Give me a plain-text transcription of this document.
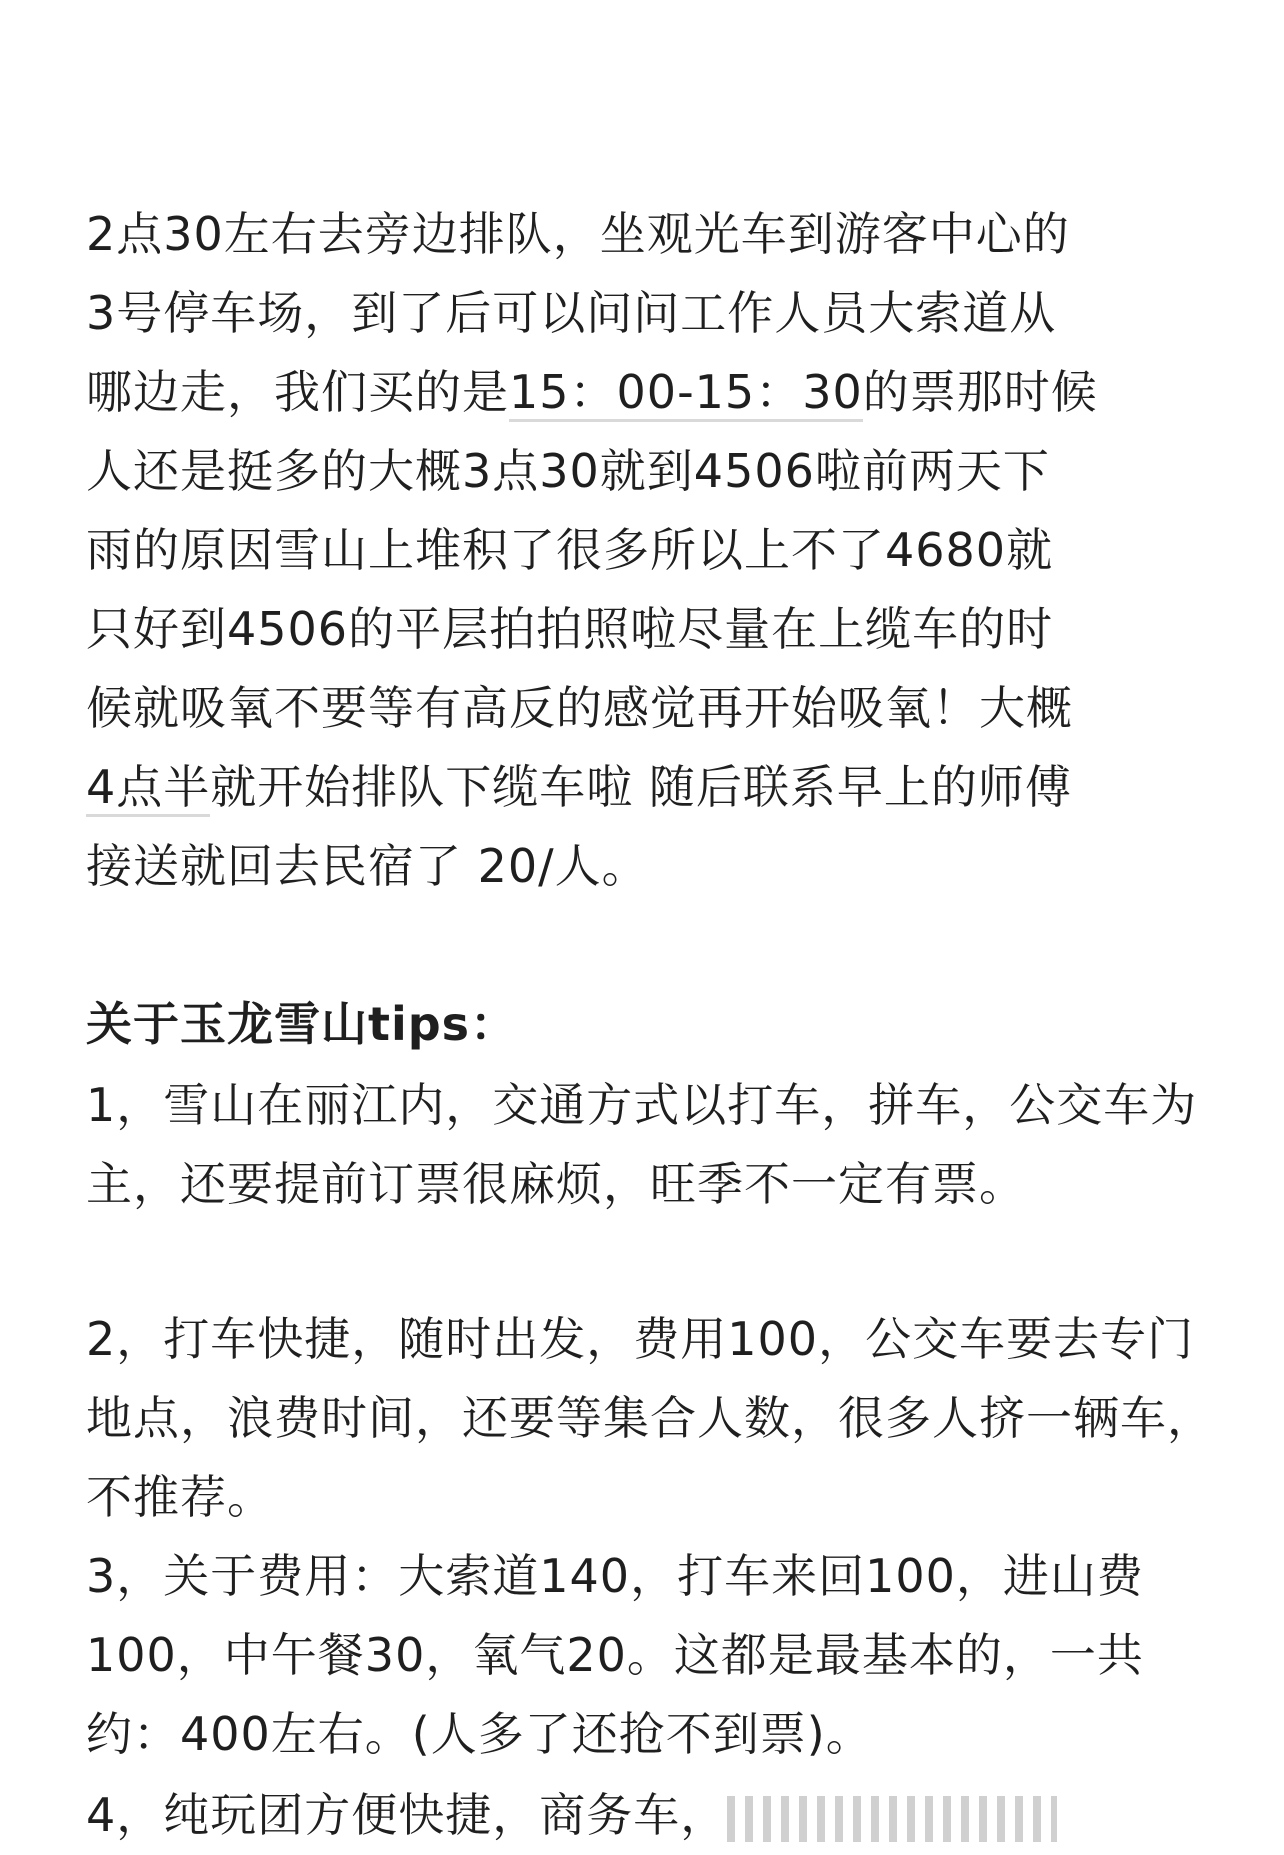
2点30左右去旁边排队，坐观光车到游客中心的
3号停车场，到了后可以问问工作人员大索道从
哪边走，我们买的是15：00-15：30的票那时候
人还是挺多的大概3点30就到4506啦前两天下
雨的原因雪山上堆积了很多所以上不了4680就
只好到4506的平层拍拍照啦尽量在上缆车的时
候就吸氧不要等有高反的感觉再开始吸氧！大概
4点半就开始排队下缆车啦 随后联系早上的师傅
接送就回去民宿了 20/人。
关于玉龙雪山tips：
1，雪山在丽江内，交通方式以打车，拼车，公交车为主，还要提前订票很麻烦，旺季不一定有票。
2，打车快捷，随时出发，费用100，公交车要去专门地点，浪费时间，还要等集合人数，很多人挤一辆车，不推荐。
3，关于费用：大索道140，打车来回100，进山费100，中午餐30，氧气20。这都是最基本的，一共约：400左右。(人多了还抢不到票)。
4，纯玩团方便快捷，商务车，
